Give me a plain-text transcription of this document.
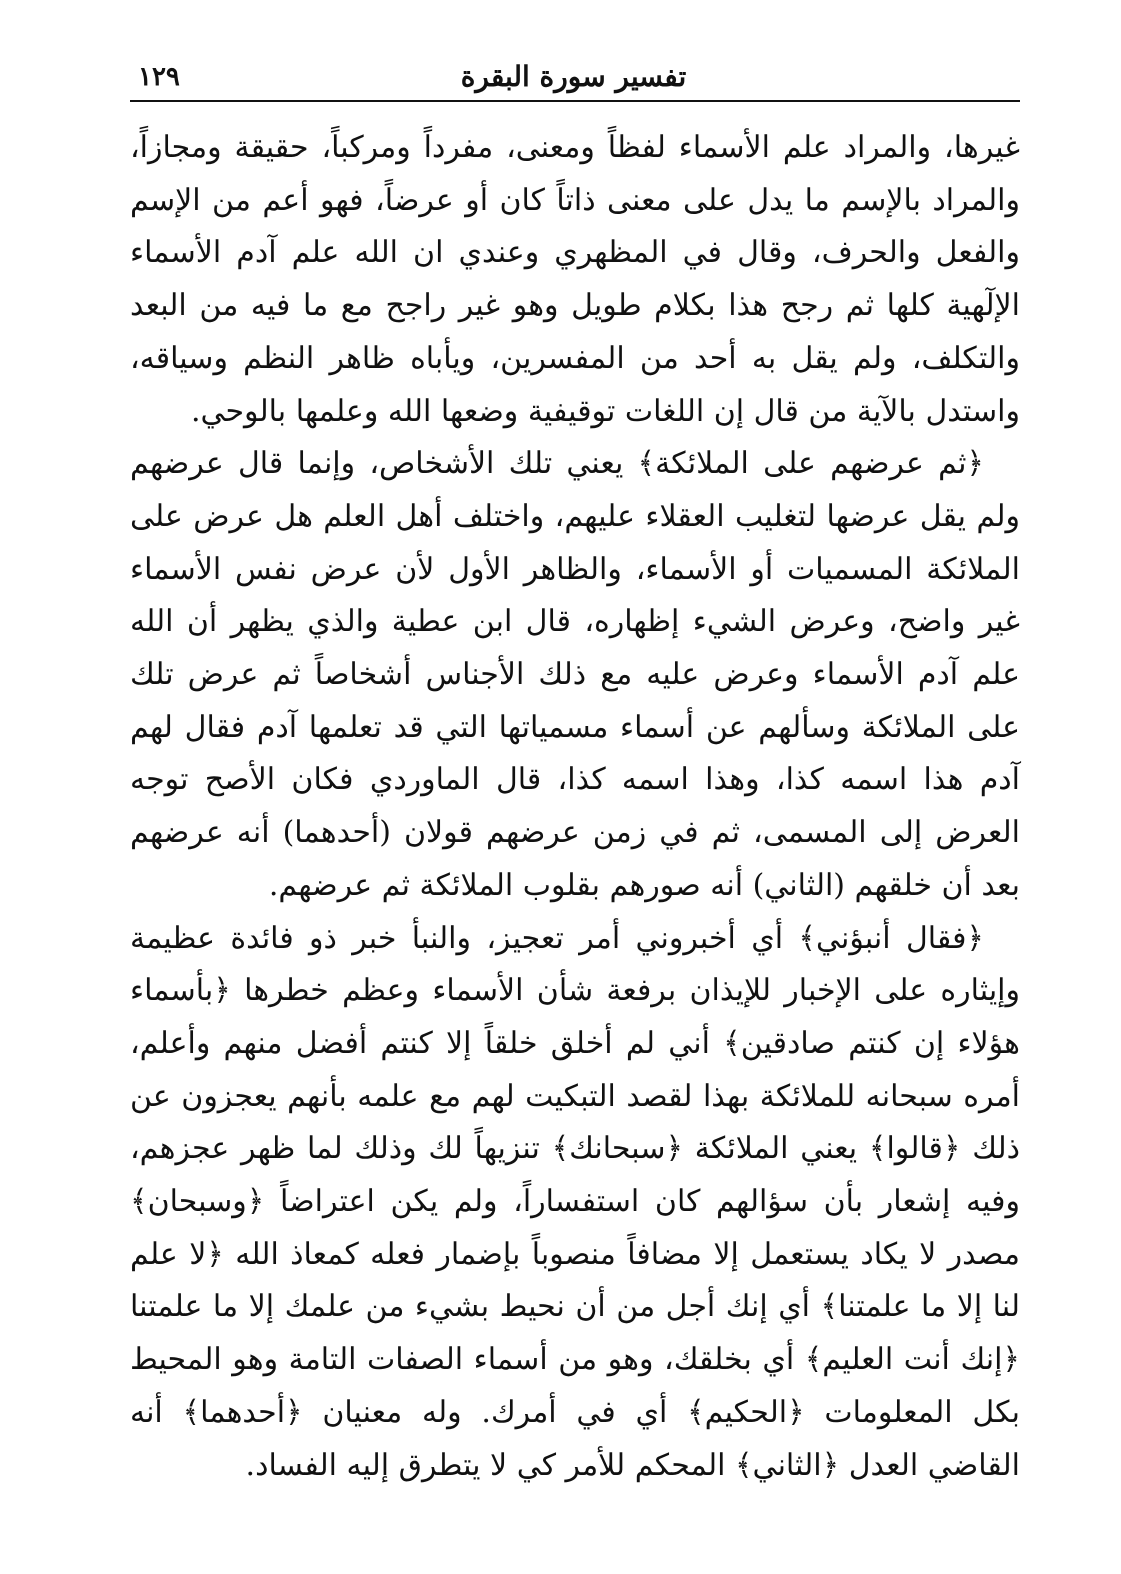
١٢٩	تفسير سورة البقرة

غيرها، والمراد علم الأسماء لفظاً ومعنى، مفرداً ومركباً، حقيقة ومجازاً، والمراد بالإسم ما يدل على معنى ذاتاً كان أو عرضاً، فهو أعم من الإسم والفعل والحرف، وقال في المظهري وعندي ان الله علم آدم الأسماء الإلٓهية كلها ثم رجح هذا بكلام طويل وهو غير راجح مع ما فيه من البعد والتكلف، ولم يقل به أحد من المفسرين، ويأباه ظاهر النظم وسياقه، واستدل بالآية من قال إن اللغات توقيفية وضعها الله وعلمها بالوحي.

﴿ثم عرضهم على الملائكة﴾ يعني تلك الأشخاص، وإنما قال عرضهم ولم يقل عرضها لتغليب العقلاء عليهم، واختلف أهل العلم هل عرض على الملائكة المسميات أو الأسماء، والظاهر الأول لأن عرض نفس الأسماء غير واضح، وعرض الشيء إظهاره، قال ابن عطية والذي يظهر أن الله علم آدم الأسماء وعرض عليه مع ذلك الأجناس أشخاصاً ثم عرض تلك على الملائكة وسألهم عن أسماء مسمياتها التي قد تعلمها آدم فقال لهم آدم هذا اسمه كذا، وهذا اسمه كذا، قال الماوردي فكان الأصح توجه العرض إلى المسمى، ثم في زمن عرضهم قولان (أحدهما) أنه عرضهم بعد أن خلقهم (الثاني) أنه صورهم بقلوب الملائكة ثم عرضهم.

﴿فقال أنبؤني﴾ أي أخبروني أمر تعجيز، والنبأ خبر ذو فائدة عظيمة وإيثاره على الإخبار للإيذان برفعة شأن الأسماء وعظم خطرها ﴿بأسماء هؤلاء إن كنتم صادقين﴾ أني لم أخلق خلقاً إلا كنتم أفضل منهم وأعلم، أمره سبحانه للملائكة بهذا لقصد التبكيت لهم مع علمه بأنهم يعجزون عن ذلك ﴿قالوا﴾ يعني الملائكة ﴿سبحانك﴾ تنزيهاً لك وذلك لما ظهر عجزهم، وفيه إشعار بأن سؤالهم كان استفساراً، ولم يكن اعتراضاً ﴿وسبحان﴾ مصدر لا يكاد يستعمل إلا مضافاً منصوباً بإضمار فعله كمعاذ الله ﴿لا علم لنا إلا ما علمتنا﴾ أي إنك أجل من أن نحيط بشيء من علمك إلا ما علمتنا ﴿إنك أنت العليم﴾ أي بخلقك، وهو من أسماء الصفات التامة وهو المحيط بكل المعلومات ﴿الحكيم﴾ أي في أمرك. وله معنيان ﴿أحدهما﴾ أنه القاضي العدل ﴿الثاني﴾ المحكم للأمر كي لا يتطرق إليه الفساد.
